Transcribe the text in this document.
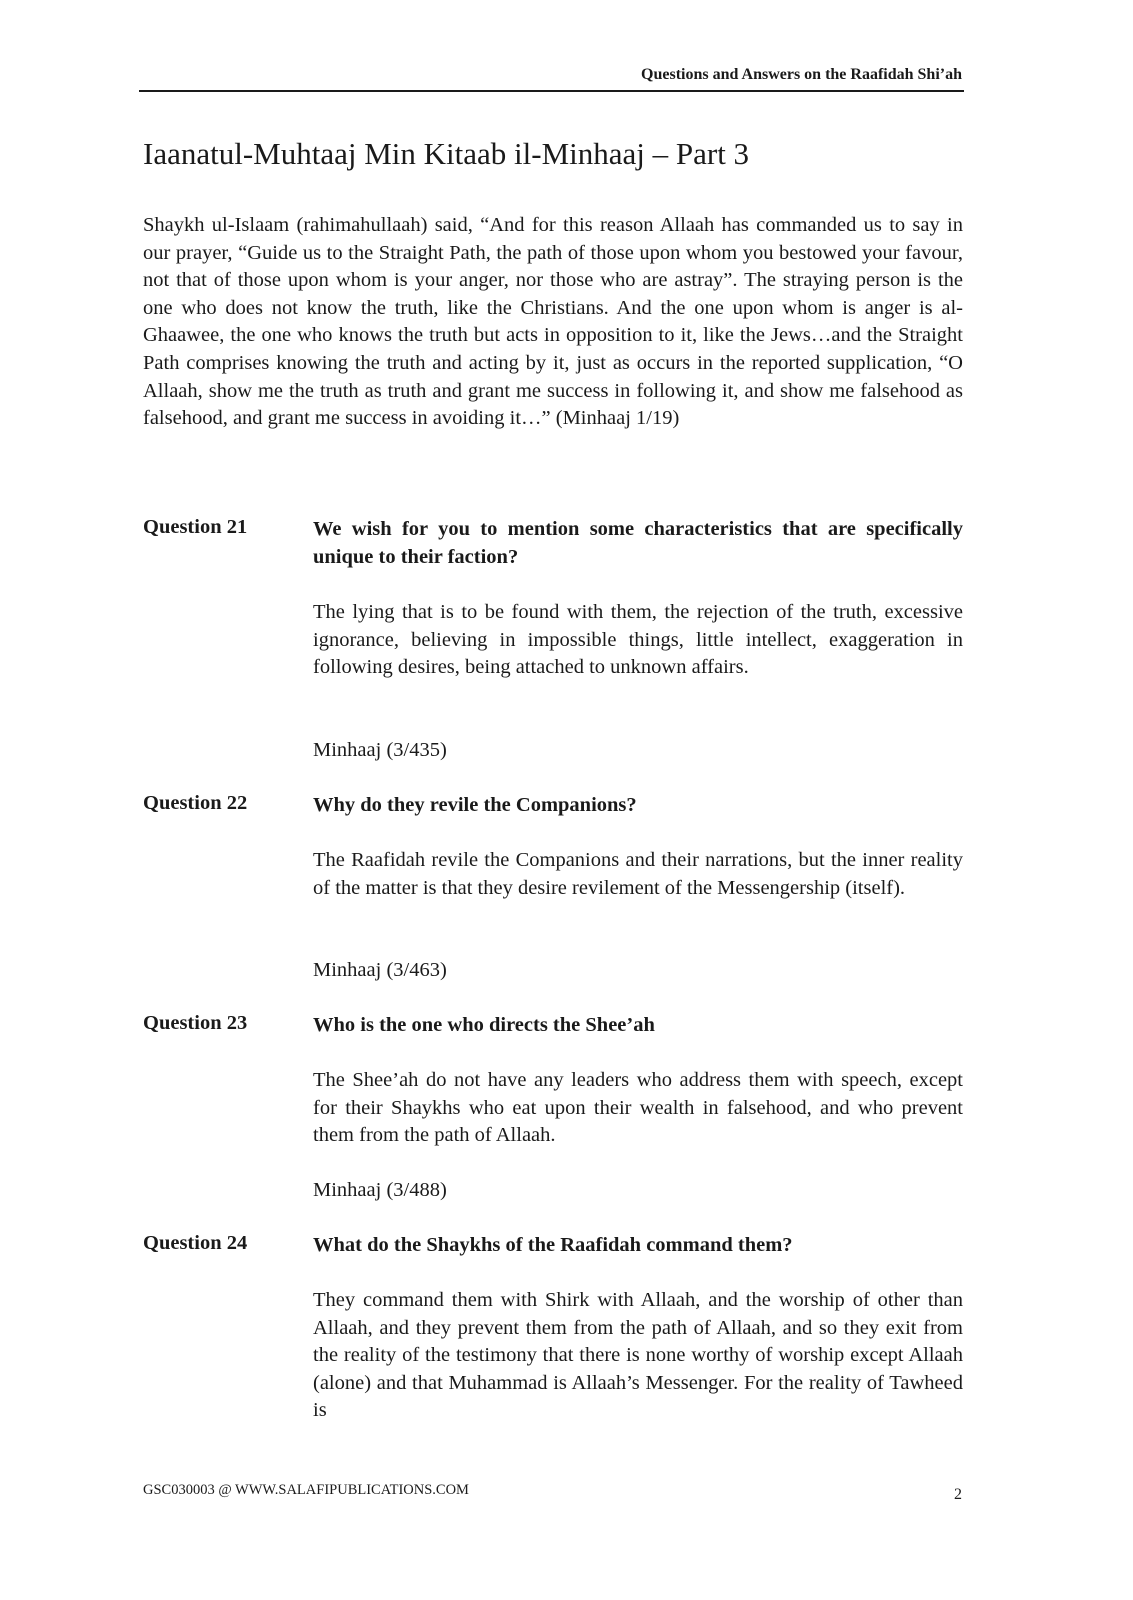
Questions and Answers on the Raafidah Shi’ah
Iaanatul-Muhtaaj Min Kitaab il-Minhaaj – Part 3

Shaykh ul-Islaam (rahimahullaah) said, “And for this reason Allaah has commanded us to say in our prayer, “Guide us to the Straight Path, the path of those upon whom you bestowed your favour, not that of those upon whom is your anger, nor those who are astray”. The straying person is the one who does not know the truth, like the Christians. And the one upon whom is anger is al-Ghaawee, the one who knows the truth but acts in opposition to it, like the Jews…and the Straight Path comprises knowing the truth and acting by it, just as occurs in the reported supplication, “O Allaah, show me the truth as truth and grant me success in following it, and show me falsehood as falsehood, and grant me success in avoiding it…” (Minhaaj 1/19)

Question 21	We wish for you to mention some characteristics that are specifically unique to their faction?

The lying that is to be found with them, the rejection of the truth, excessive ignorance, believing in impossible things, little intellect, exaggeration in following desires, being attached to unknown affairs.

Minhaaj (3/435)
Question 22	Why do they revile the Companions?

The Raafidah revile the Companions and their narrations, but the inner reality of the matter is that they desire revilement of the Messengership (itself).

Minhaaj (3/463)
Question 23	Who is the one who directs the Shee’ah

The Shee’ah do not have any leaders who address them with speech, except for their Shaykhs who eat upon their wealth in falsehood, and who prevent them from the path of Allaah.

Minhaaj (3/488)
Question 24	What do the Shaykhs of the Raafidah command them?

They command them with Shirk with Allaah, and the worship of other than Allaah, and they prevent them from the path of Allaah, and so they exit from the reality of the testimony that there is none worthy of worship except Allaah (alone) and that Muhammad is Allaah’s Messenger. For the reality of Tawheed is

GSC030003 @ WWW.SALAFIPUBLICATIONS.COM	2
